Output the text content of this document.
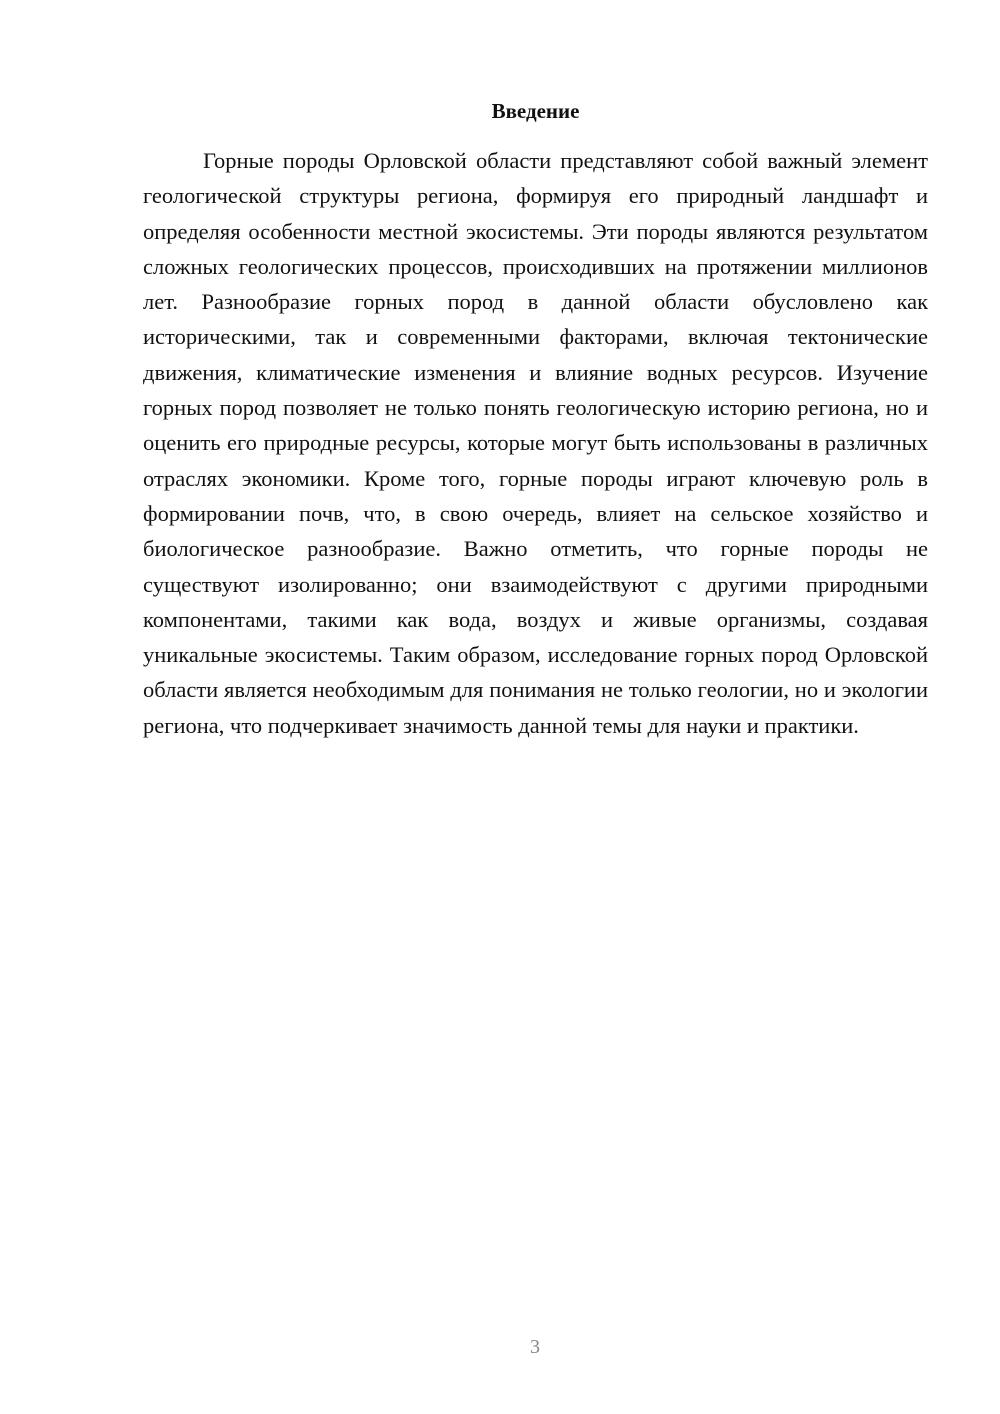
Введение

Горные породы Орловской области представляют собой важный элемент геологической структуры региона, формируя его природный ландшафт и определяя особенности местной экосистемы. Эти породы являются результатом сложных геологических процессов, происходивших на протяжении миллионов лет. Разнообразие горных пород в данной области обусловлено как историческими, так и современными факторами, включая тектонические движения, климатические изменения и влияние водных ресурсов. Изучение горных пород позволяет не только понять геологическую историю региона, но и оценить его природные ресурсы, которые могут быть использованы в различных отраслях экономики. Кроме того, горные породы играют ключевую роль в формировании почв, что, в свою очередь, влияет на сельское хозяйство и биологическое разнообразие. Важно отметить, что горные породы не существуют изолированно; они взаимодействуют с другими природными компонентами, такими как вода, воздух и живые организмы, создавая уникальные экосистемы. Таким образом, исследование горных пород Орловской области является необходимым для понимания не только геологии, но и экологии региона, что подчеркивает значимость данной темы для науки и практики.

3
